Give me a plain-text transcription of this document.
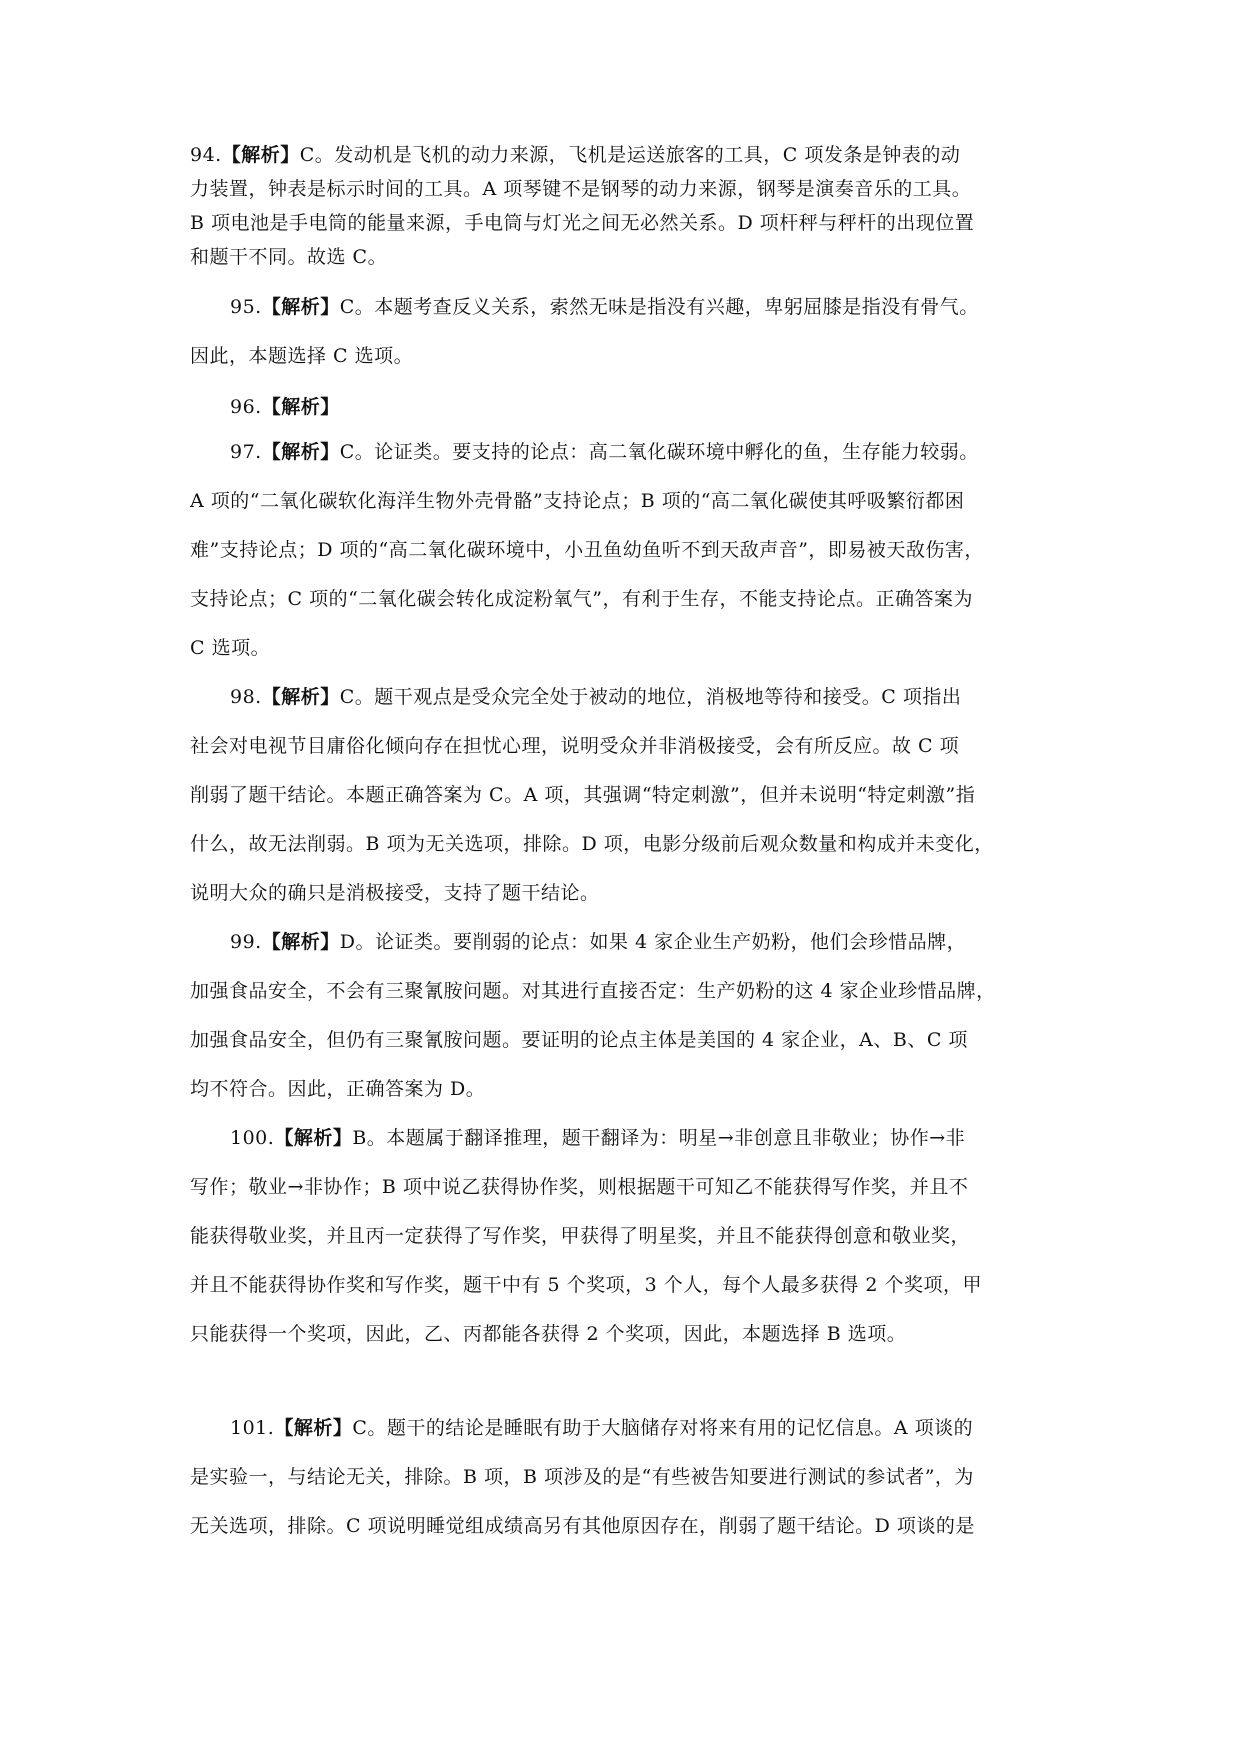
94.【解析】C。发动机是飞机的动力来源，飞机是运送旅客的工具，C 项发条是钟表的动
力装置，钟表是标示时间的工具。A 项琴键不是钢琴的动力来源，钢琴是演奏音乐的工具。
B 项电池是手电筒的能量来源，手电筒与灯光之间无必然关系。D 项杆秤与秤杆的出现位置
和题干不同。故选 C。
95.【解析】C。本题考查反义关系，索然无味是指没有兴趣，卑躬屈膝是指没有骨气。
因此，本题选择 C 选项。
96.【解析】
97.【解析】C。论证类。要支持的论点：高二氧化碳环境中孵化的鱼，生存能力较弱。
A 项的“二氧化碳软化海洋生物外壳骨骼”支持论点；B 项的“高二氧化碳使其呼吸繁衍都困
难”支持论点；D 项的“高二氧化碳环境中，小丑鱼幼鱼听不到天敌声音”，即易被天敌伤害，
支持论点；C 项的“二氧化碳会转化成淀粉氧气”，有利于生存，不能支持论点。正确答案为
C 选项。
98.【解析】C。题干观点是受众完全处于被动的地位，消极地等待和接受。C 项指出
社会对电视节目庸俗化倾向存在担忧心理，说明受众并非消极接受，会有所反应。故 C 项
削弱了题干结论。本题正确答案为 C。A 项，其强调“特定刺激”，但并未说明“特定刺激”指
什么，故无法削弱。B 项为无关选项，排除。D 项，电影分级前后观众数量和构成并未变化，
说明大众的确只是消极接受，支持了题干结论。
99.【解析】D。论证类。要削弱的论点：如果 4 家企业生产奶粉，他们会珍惜品牌，
加强食品安全，不会有三聚氰胺问题。对其进行直接否定：生产奶粉的这 4 家企业珍惜品牌，
加强食品安全，但仍有三聚氰胺问题。要证明的论点主体是美国的 4 家企业，A、B、C 项
均不符合。因此，正确答案为 D。
100.【解析】B。本题属于翻译推理，题干翻译为：明星→非创意且非敬业；协作→非
写作；敬业→非协作；B 项中说乙获得协作奖，则根据题干可知乙不能获得写作奖，并且不
能获得敬业奖，并且丙一定获得了写作奖，甲获得了明星奖，并且不能获得创意和敬业奖，
并且不能获得协作奖和写作奖，题干中有 5 个奖项，3 个人，每个人最多获得 2 个奖项，甲
只能获得一个奖项，因此，乙、丙都能各获得 2 个奖项，因此，本题选择 B 选项。
101.【解析】C。题干的结论是睡眠有助于大脑储存对将来有用的记忆信息。A 项谈的
是实验一，与结论无关，排除。B 项，B 项涉及的是“有些被告知要进行测试的参试者”，为
无关选项，排除。C 项说明睡觉组成绩高另有其他原因存在，削弱了题干结论。D 项谈的是
